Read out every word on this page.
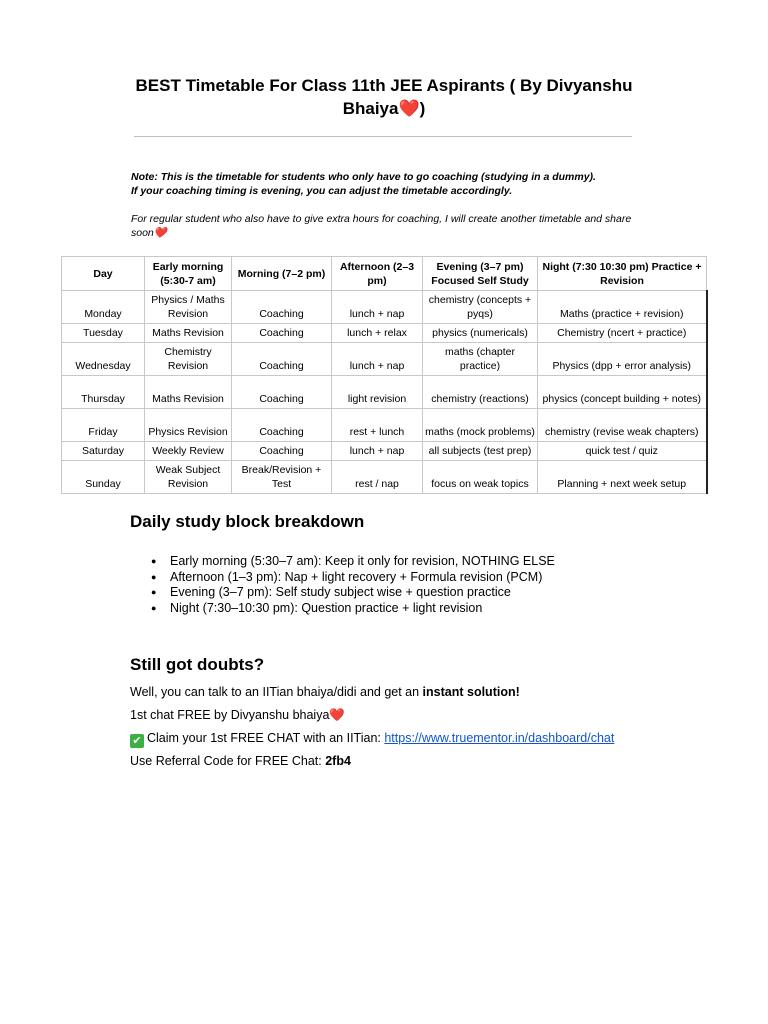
BEST Timetable For Class 11th JEE Aspirants ( By Divyanshu Bhaiya❤️)

Note: This is the timetable for students who only have to go coaching (studying in a dummy).
If your coaching timing is evening, you can adjust the timetable accordingly.

For regular student who also have to give extra hours for coaching, I will create another timetable and share soon❤️

Day	Early morning (5:30-7 am)	Morning (7–2 pm)	Afternoon (2–3 pm)	Evening (3–7 pm) Focused Self Study	Night (7:30 10:30 pm) Practice + Revision
Monday	Physics / Maths Revision	Coaching	lunch + nap	chemistry (concepts + pyqs)	Maths (practice + revision)
Tuesday	Maths Revision	Coaching	lunch + relax	physics (numericals)	Chemistry (ncert + practice)
Wednesday	Chemistry Revision	Coaching	lunch + nap	maths (chapter practice)	Physics (dpp + error analysis)
Thursday	Maths Revision	Coaching	light revision	chemistry (reactions)	physics (concept building + notes)
Friday	Physics Revision	Coaching	rest + lunch	maths (mock problems)	chemistry (revise weak chapters)
Saturday	Weekly Review	Coaching	lunch + nap	all subjects (test prep)	quick test / quiz
Sunday	Weak Subject Revision	Break/Revision + Test	rest / nap	focus on weak topics	Planning + next week setup
Daily study block breakdown
● Early morning (5:30–7 am): Keep it only for revision, NOTHING ELSE
● Afternoon (1–3 pm): Nap + light recovery + Formula revision (PCM)
● Evening (3–7 pm): Self study subject wise + question practice
● Night (7:30–10:30 pm): Question practice + light revision
Still got doubts?

Well, you can talk to an IITian bhaiya/didi and get an instant solution!

1st chat FREE by Divyanshu bhaiya❤️

✔ Claim your 1st FREE CHAT with an IITian: https://www.truementor.in/dashboard/chat

Use Referral Code for FREE Chat: 2fb4
